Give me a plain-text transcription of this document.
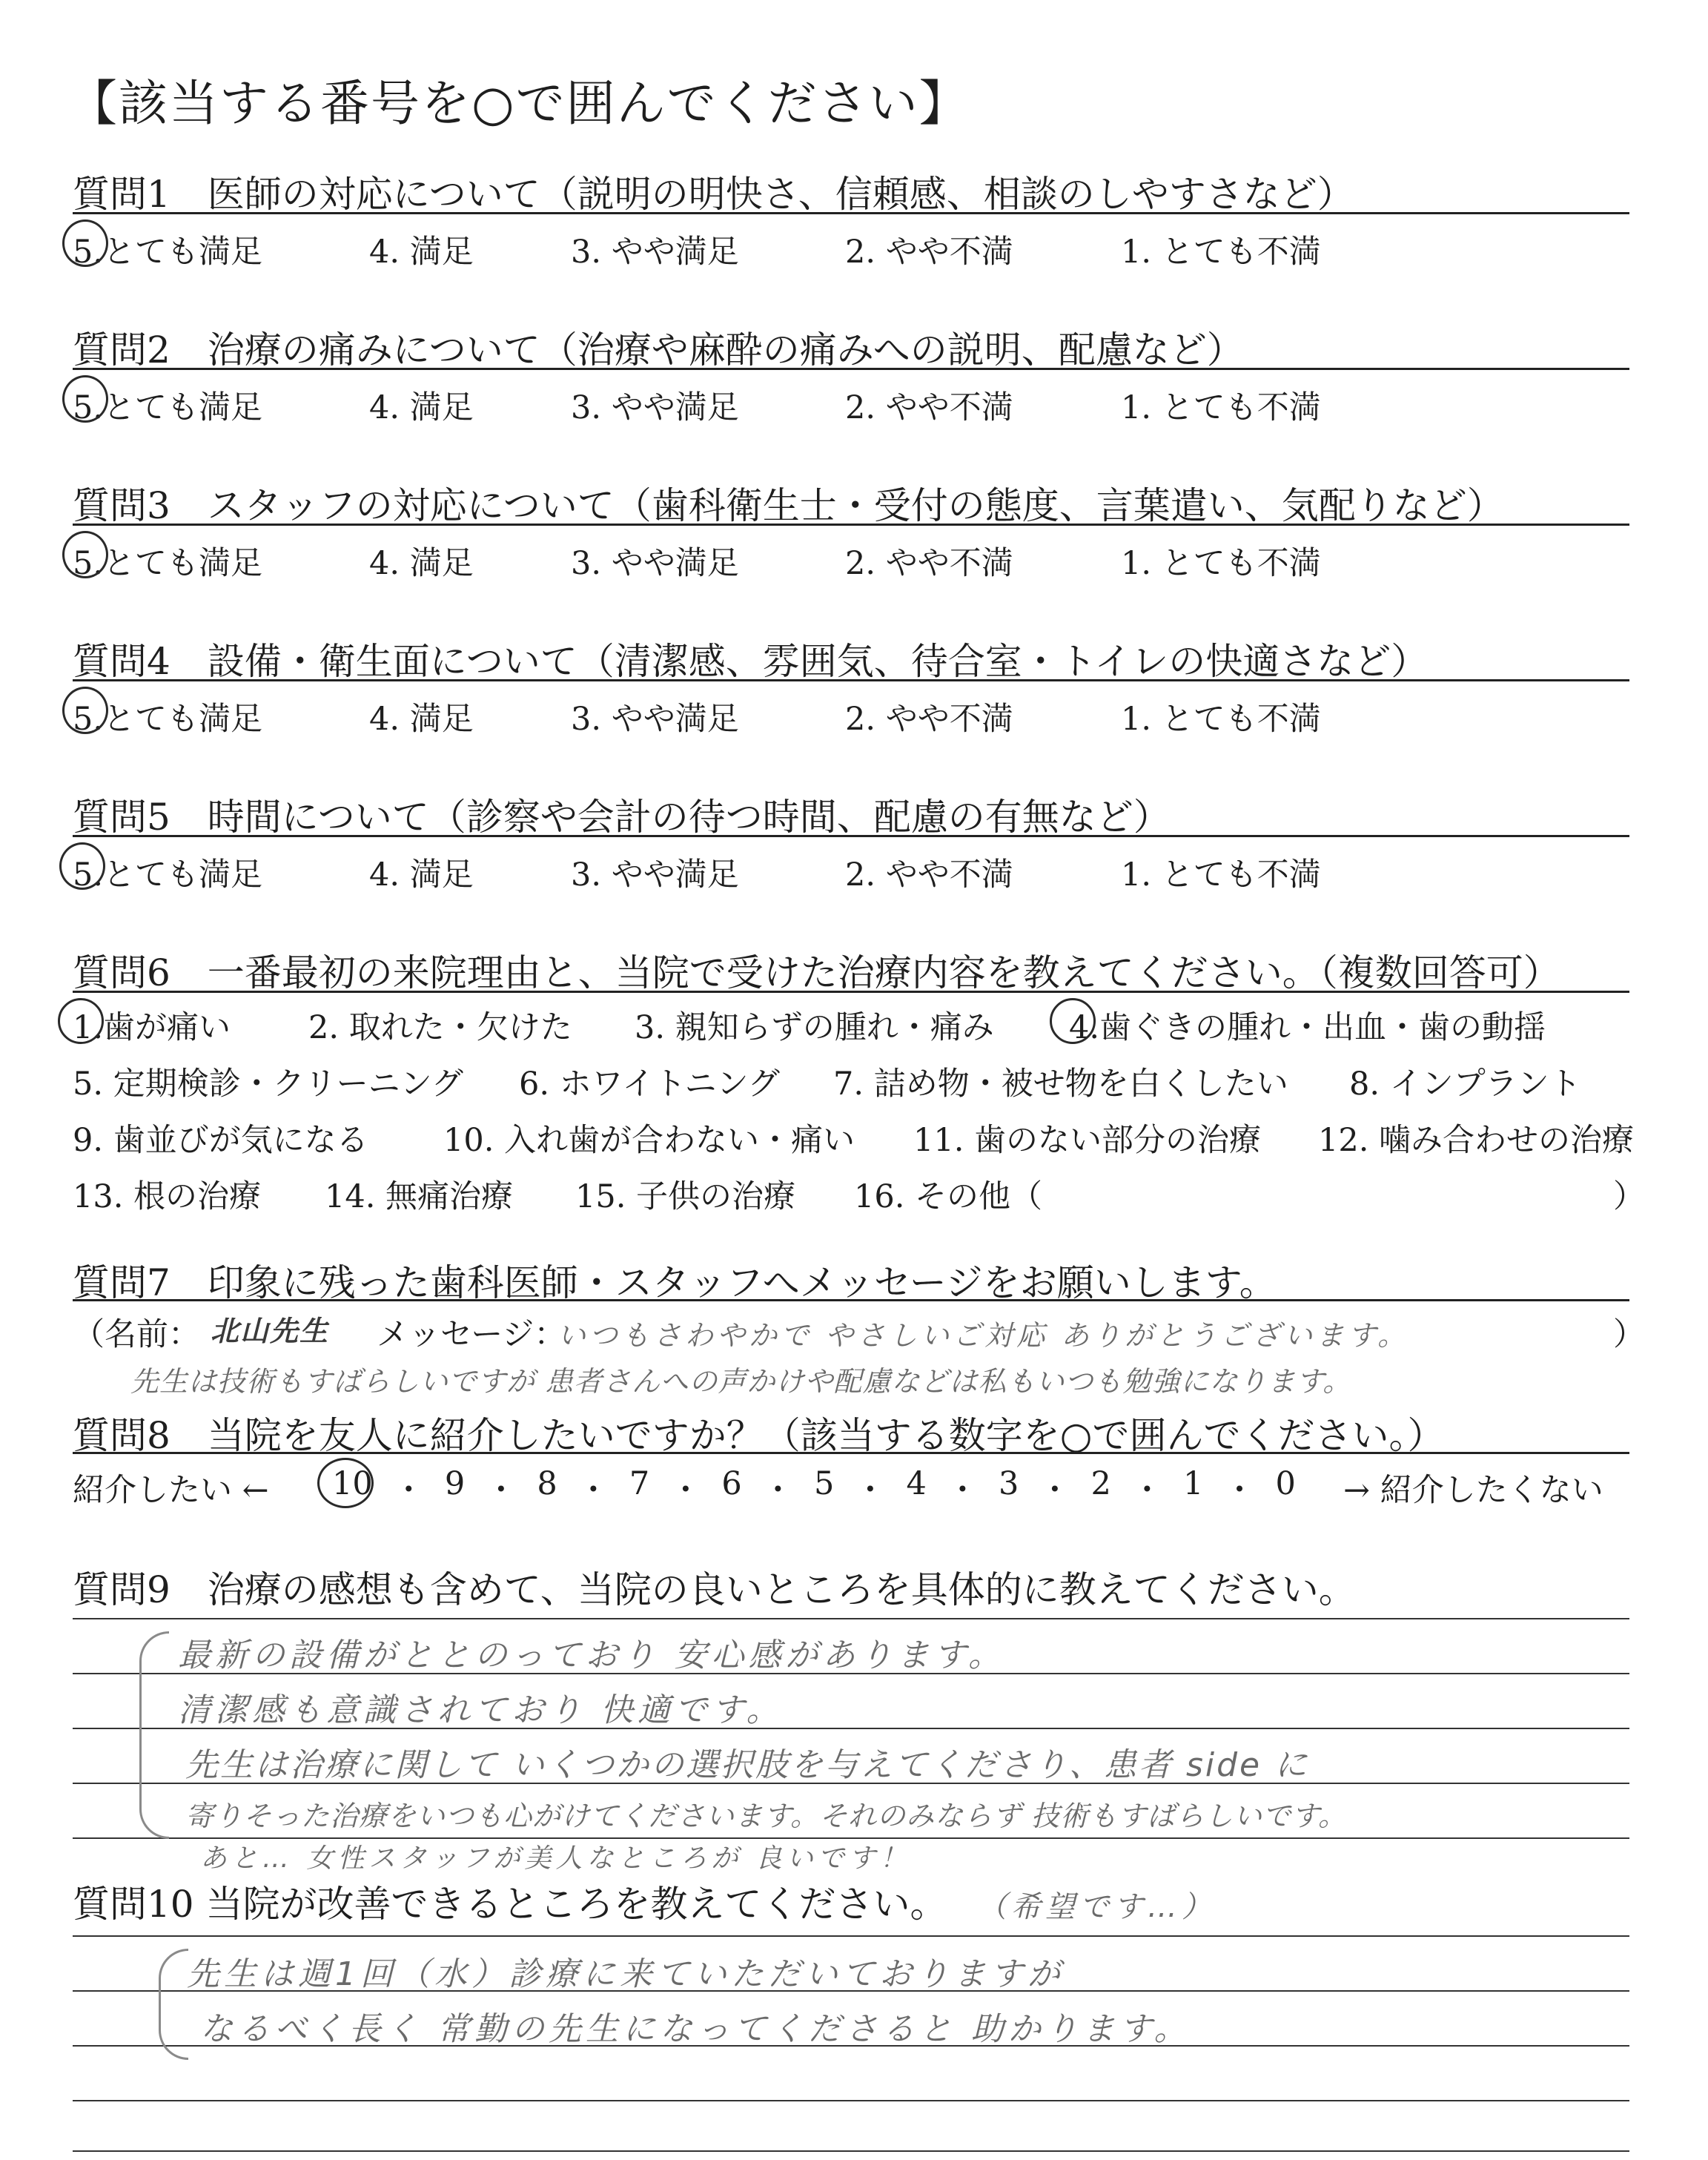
【該当する番号を○で囲んでください】
質問1　医師の対応について（説明の明快さ、信頼感、相談のしやすさなど）
5.とても満足	4. 満足	3. やや満足	2. やや不満	1. とても不満
質問2　治療の痛みについて（治療や麻酔の痛みへの説明、配慮など）
5.とても満足	4. 満足	3. やや満足	2. やや不満	1. とても不満
質問3　スタッフの対応について（歯科衛生士・受付の態度、言葉遣い、気配りなど）
5.とても満足	4. 満足	3. やや満足	2. やや不満	1. とても不満
質問4　設備・衛生面について（清潔感、雰囲気、待合室・トイレの快適さなど）
5.とても満足	4. 満足	3. やや満足	2. やや不満	1. とても不満
質問5　時間について（診察や会計の待つ時間、配慮の有無など）
5.とても満足	4. 満足	3. やや満足	2. やや不満	1. とても不満
質問6　一番最初の来院理由と、当院で受けた治療内容を教えてください。（複数回答可）
1.歯が痛い 2. 取れた・欠けた 3. 親知らずの腫れ・痛み 4.歯ぐきの腫れ・出血・歯の動揺
5. 定期検診・クリーニング 6. ホワイトニング 7. 詰め物・被せ物を白くしたい 8. インプラント
9. 歯並びが気になる 10. 入れ歯が合わない・痛い 11. 歯のない部分の治療 12. 噛み合わせの治療
13. 根の治療 14. 無痛治療 15. 子供の治療 16. その他（	）
質問7　印象に残った歯科医師・スタッフへメッセージをお願いします。
（名前： 北山先生 メッセージ：
いつもさわやかで やさしいご対応 ありがとうございます。	）
先生は技術もすばらしいですが 患者さんへの声かけや配慮などは私もいつも勉強になります。
質問8　当院を友人に紹介したいですか？（該当する数字を○で囲んでください。）
紹介したい ←	→ 紹介したくない
10 ・ 9 ・ 8 ・ 7 ・ 6 ・ 5 ・ 4 ・ 3 ・ 2 ・ 1 ・ 0
質問9　治療の感想も含めて、当院の良いところを具体的に教えてください。
最新の設備がととのっており 安心感があります。
清潔感も意識されており 快適です。
先生は治療に関して いくつかの選択肢を与えてくださり、患者 side に
寄りそった治療をいつも心がけてくださいます。それのみならず 技術もすばらしいです。
あと… 女性スタッフが美人なところが 良いです！
質問10 当院が改善できるところを教えてください。 （希望です…）
先生は週1回（水）診療に来ていただいておりますが
なるべく長く 常勤の先生になってくださると 助かります。
